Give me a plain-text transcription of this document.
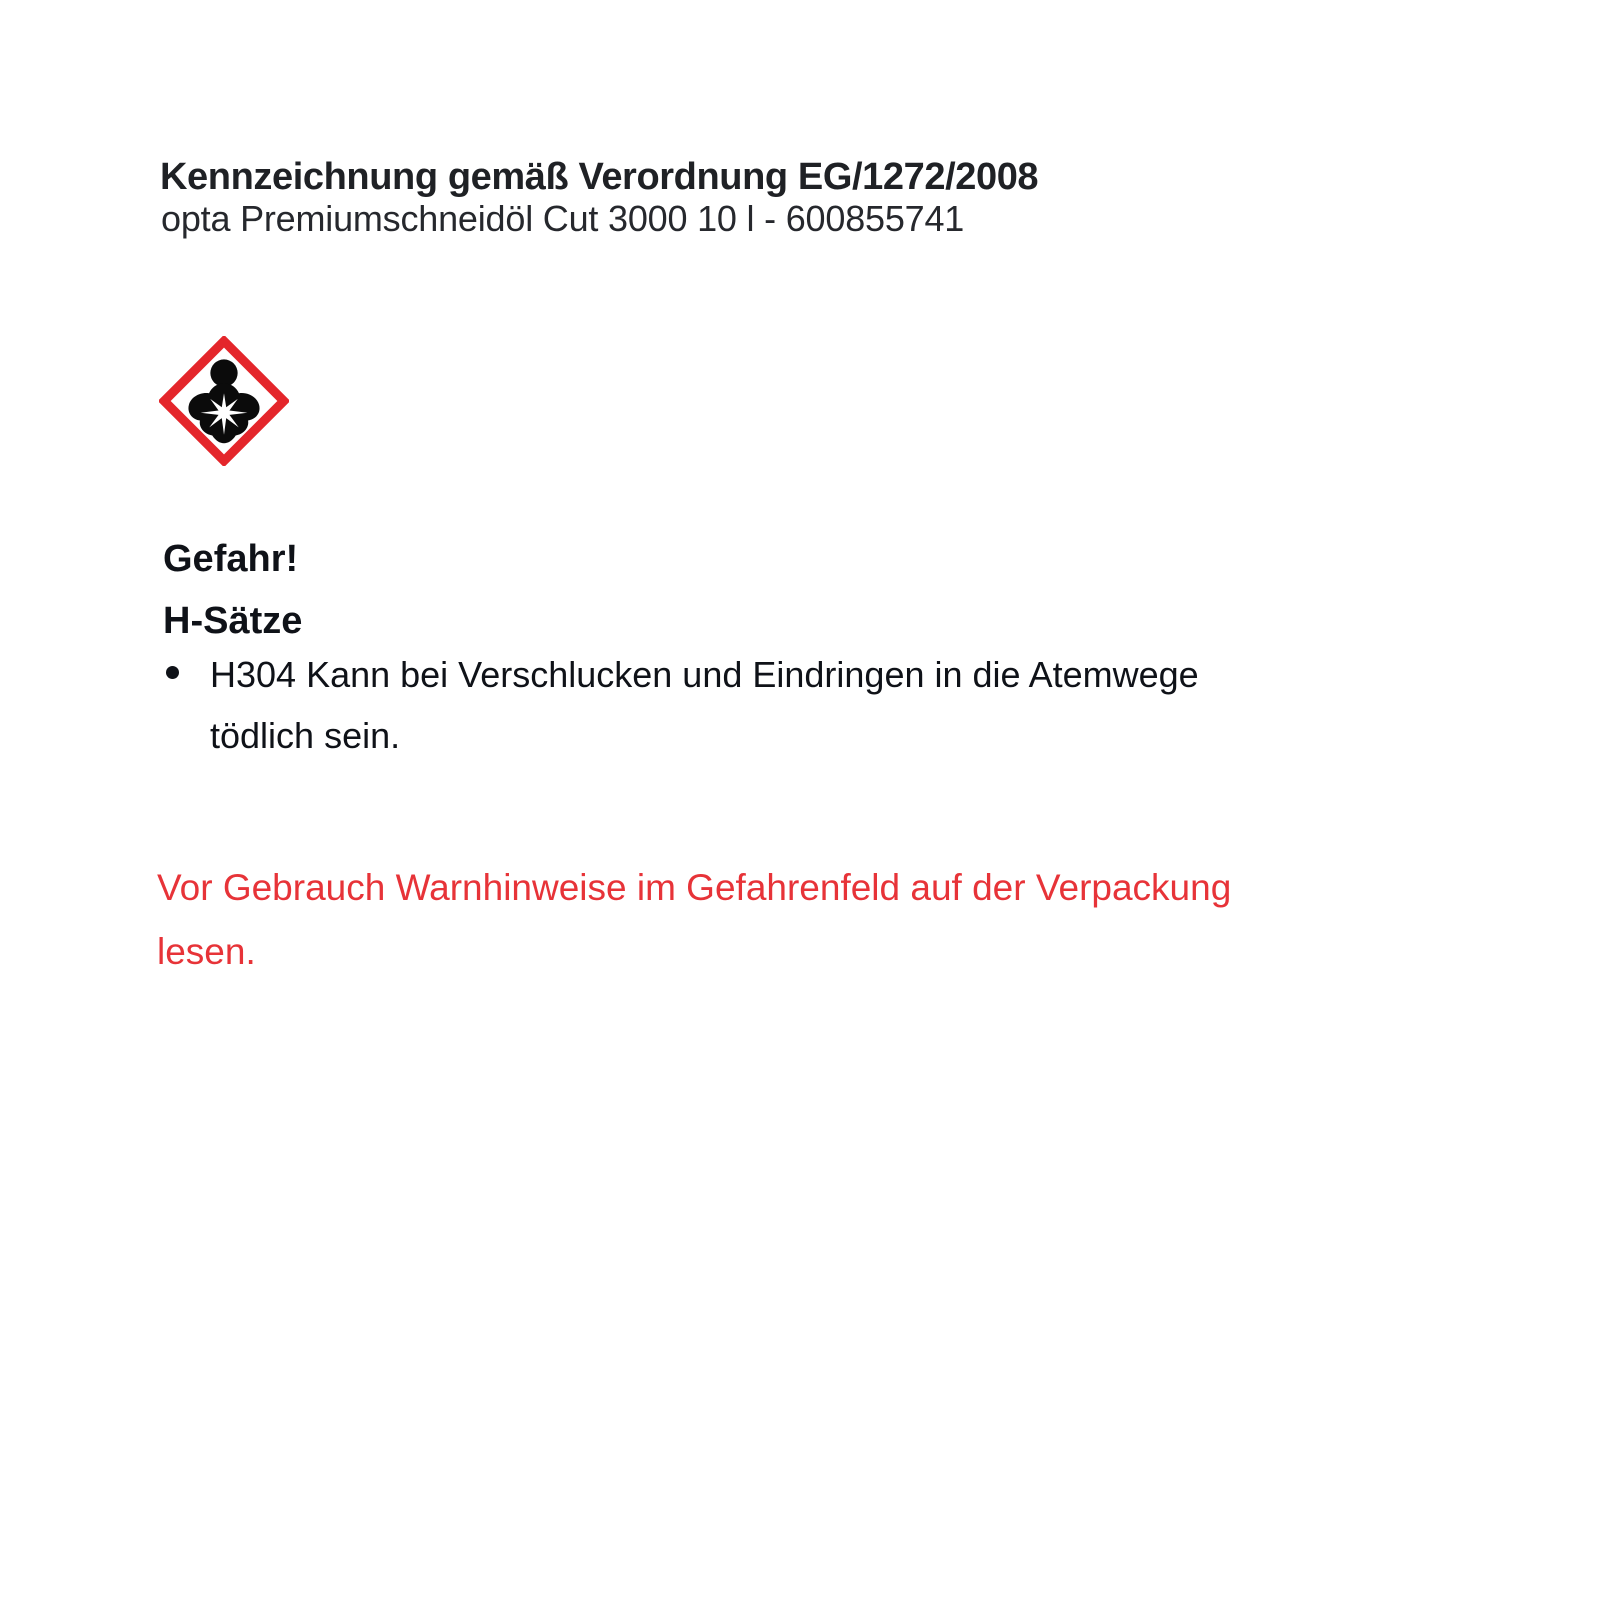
Kennzeichnung gemäß Verordnung EG/1272/2008
opta Premiumschneidöl Cut 3000 10 l - 600855741
Gefahr!
H-Sätze
H304 Kann bei Verschlucken und Eindringen in die Atemwege tödlich sein.
Vor Gebrauch Warnhinweise im Gefahrenfeld auf der Verpackung lesen.
